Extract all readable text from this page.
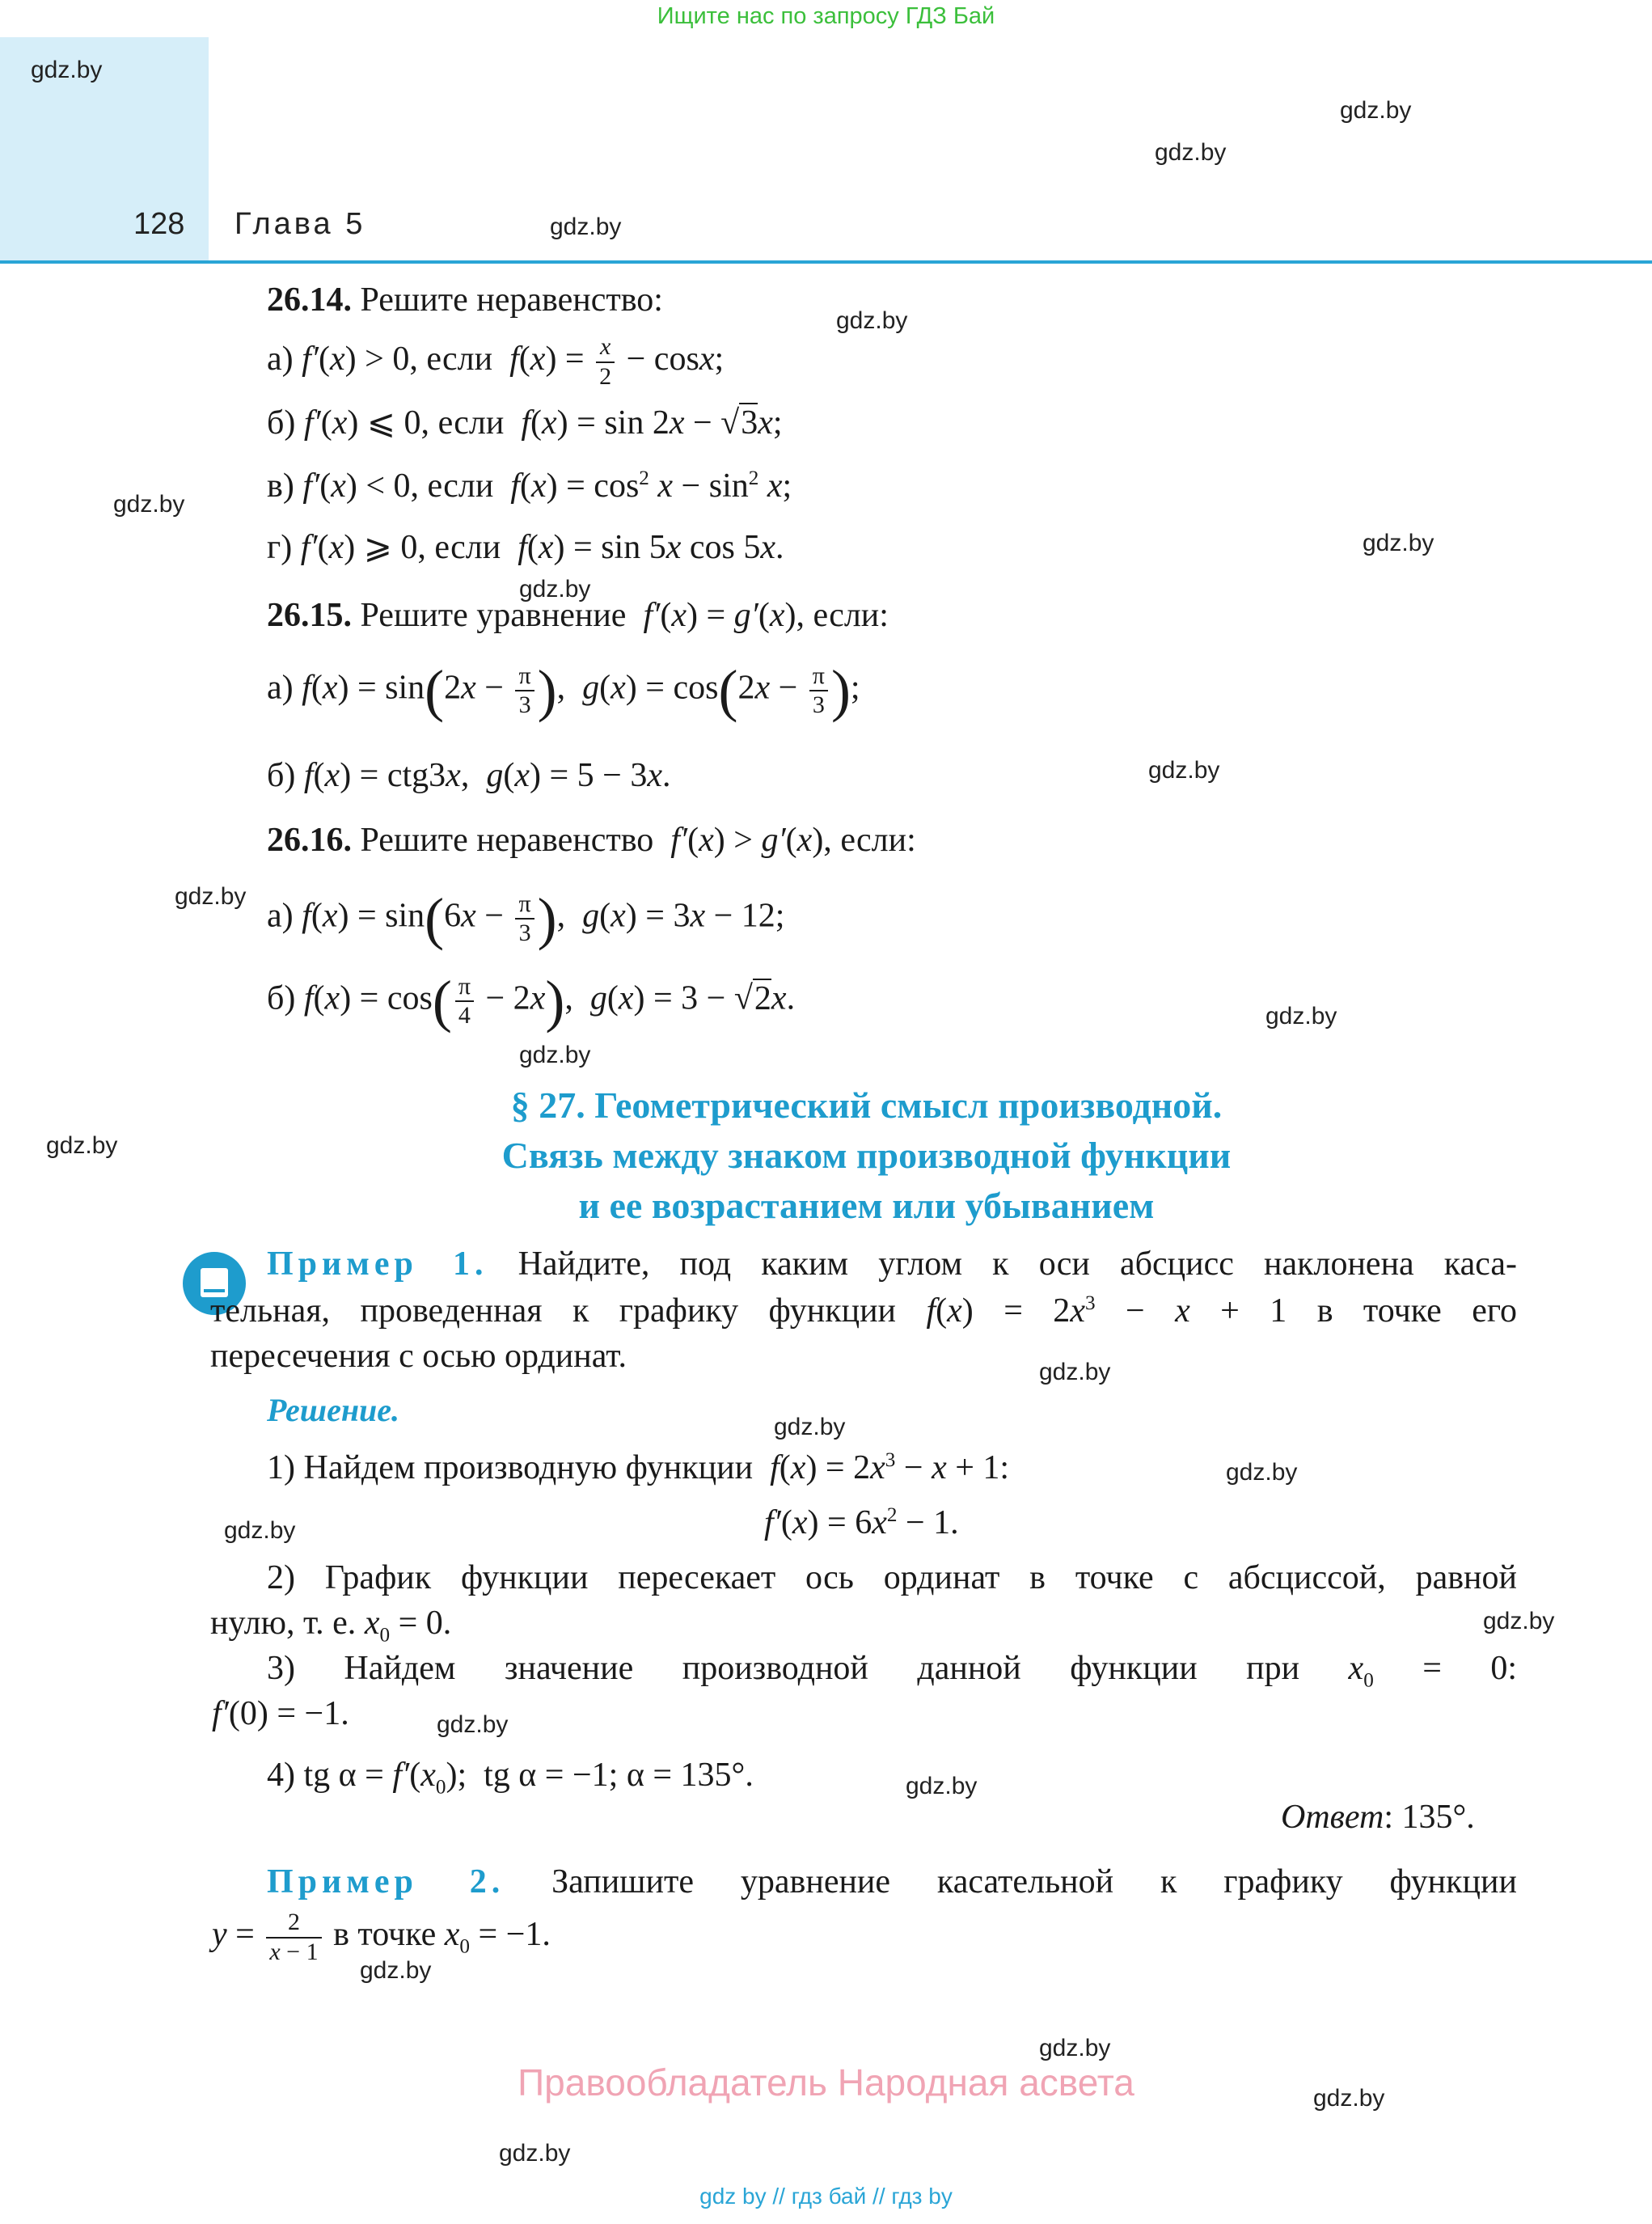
Ищите нас по запросу ГДЗ Бай
128 Глава 5
gdz.by
gdz.by
gdz.by
gdz.by
gdz.by
gdz.by
gdz.by
gdz.by
gdz.by
gdz.by
gdz.by
gdz.by
gdz.by
gdz.by
gdz.by
gdz.by
gdz.by
gdz.by
gdz.by
gdz.by
gdz.by
gdz.by
gdz.by
gdz.by
26.14. Решите неравенство:
а) f′(x) > 0, если $f(x) = \frac{x}{2} - \cos x$;
б) f′(x) ⩽ 0, если f(x) = sin 2x − √3x;
в) f′(x) < 0, если $f(x) = \cos^2 x - \sin^2 x$;
г) f′(x) ⩾ 0, если f(x) = sin 5x cos 5x.
26.15. Решите уравнение f′(x) = g′(x), если:
а) $f(x) = \sin(2x - \frac{\pi}{3}$ ),  $g(x) = \cos(2x - \frac{\pi}{3}$ );
б) f(x) = ctg3x,  g(x) = 5 − 3x.
26.16. Решите неравенство f′(x) > g′(x), если:
а) $f(x) = \sin(6x - \frac{\pi}{3}$ ),  g(x) = 3x − 12;
б) $f(x) = \cos( \frac{\pi}{4} - 2x)$,  g(x) = 3 − √2x.
§ 27. Геометрический смысл производной.
Связь между знаком производной функции
и ее возрастанием или убыванием
Пример 1. Найдите, под каким углом к оси абсцисс наклонена каса-
тельная, проведенная к графику функции $f(x) = 2x^3 - x + 1$ в точке его
пересечения с осью ординат.
Решение.
1) Найдем производную функции $f(x) = 2x^3 - x + 1$:
$f'(x) = 6x^2 - 1$.
2) График функции пересекает ось ординат в точке с абсциссой, равной
нулю, т. е. $x_0 = 0$.
3) Найдем значение производной данной функции при $x_0 = 0$:
f′(0) = −1.
4) tg $\alpha = f'(x_0)$;  tg α = −1; α = 135°.
Ответ: 135°.
Пример 2. Запишите уравнение касательной к графику функции
$y = \frac{2}{x - 1}$ в точке $x_0 = -1$.
Правообладатель Народная асвета
gdz by // гдз бай // гдз by
